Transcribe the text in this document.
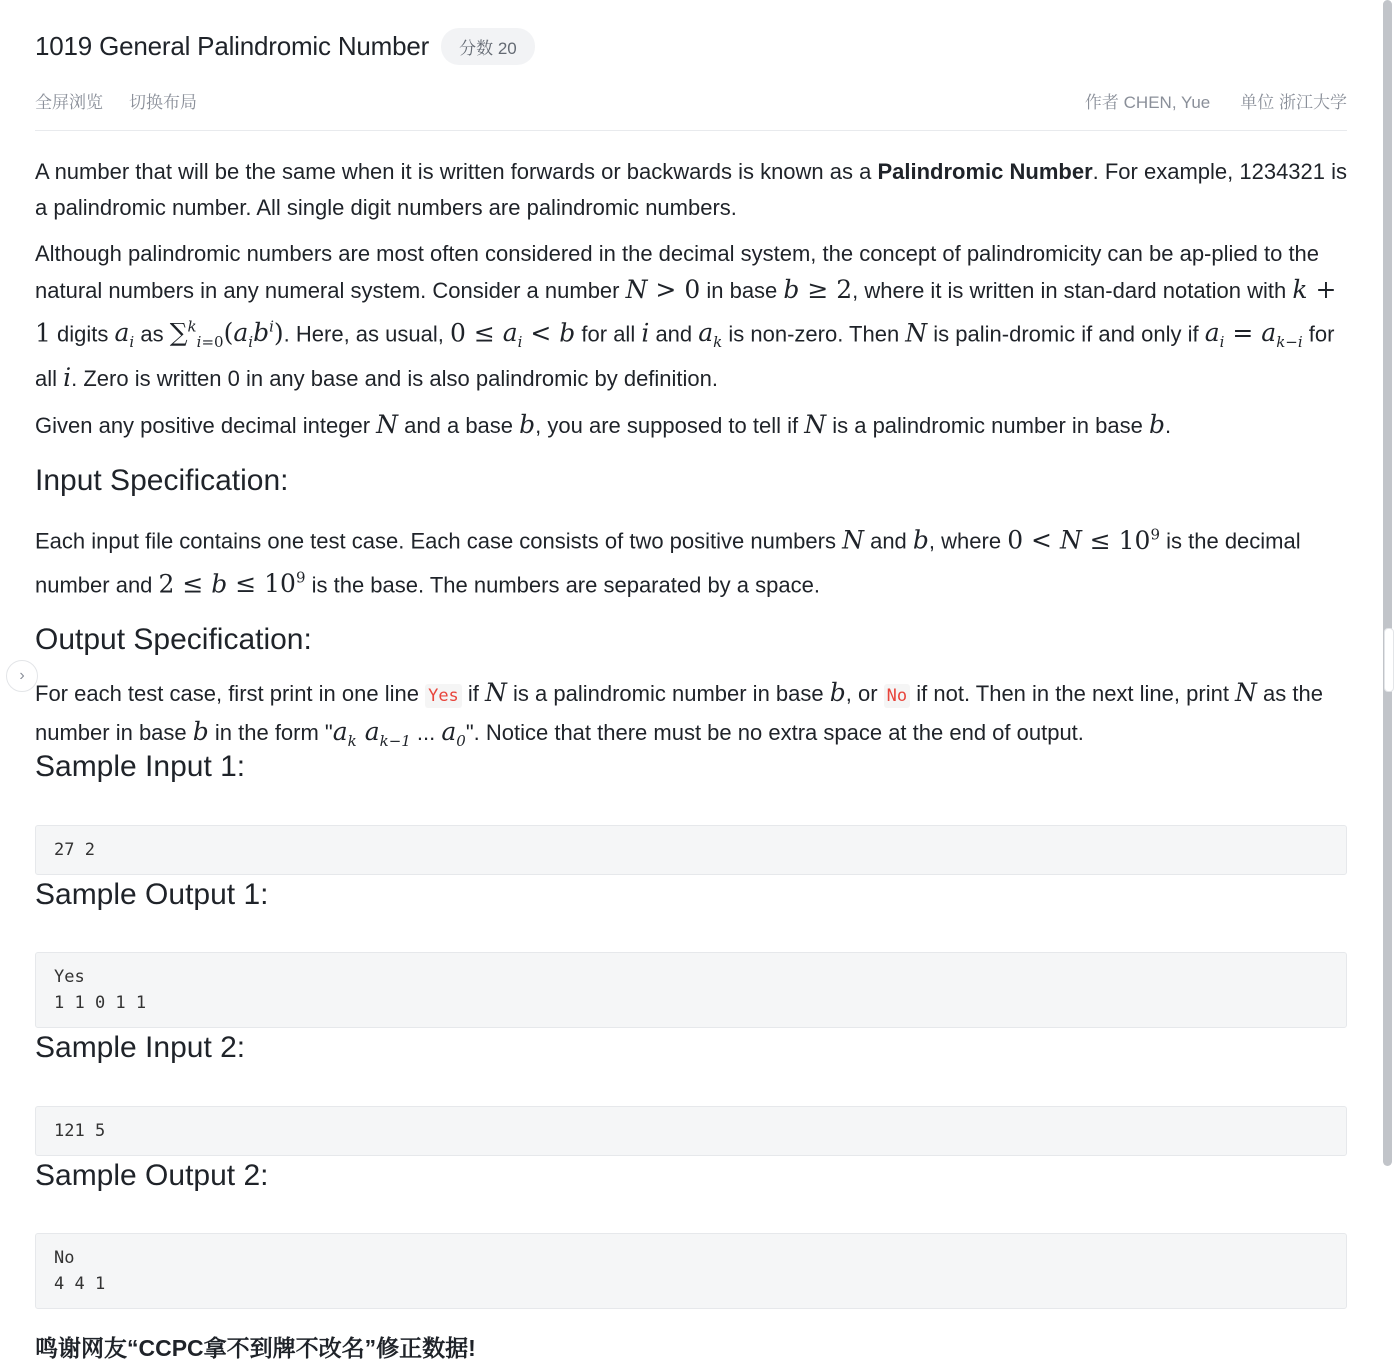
1019 General Palindromic Number	分数 20
全屏浏览 切换布局	作者 CHEN, Yue 单位 浙江大学

A number that will be the same when it is written forwards or backwards is known as a Palindromic Number. For example, 1234321 is a palindromic number. All single digit numbers are palindromic numbers.

Although palindromic numbers are most often considered in the decimal system, the concept of palindromicity can be ap-plied to the natural numbers in any numeral system. Consider a number N > 0 in base b ≥ 2, where it is written in stan-dard notation with k + 1 digits $a_i$ as $\sum^k_{i=0}(a_ib^i)$. Here, as usual, $0 \le a_i < b$ for all i and $a_k$ is non-zero. Then N is palin-dromic if and only if $a_i = a_{k-i}$ for all i. Zero is written 0 in any base and is also palindromic by definition.

Given any positive decimal integer N and a base b, you are supposed to tell if N is a palindromic number in base b.

Input Specification:

Each input file contains one test case. Each case consists of two positive numbers N and b, where $0 < N \le 10^9$ is the decimal number and $2 \le b \le 10^9$ is the base. The numbers are separated by a space.

Output Specification:

For each test case, first print in one line Yes if N is a palindromic number in base b, or No if not. Then in the next line, print N as the number in base b in the form "$a_k$ $a_{k-1}$ ... $a_0$". Notice that there must be no extra space at the end of output.

Sample Input 1:
27 2
Sample Output 1:
Yes
1 1 0 1 1
Sample Input 2:
121 5
Sample Output 2:
No
4 4 1
鸣谢网友“CCPC拿不到牌不改名”修正数据!
›
